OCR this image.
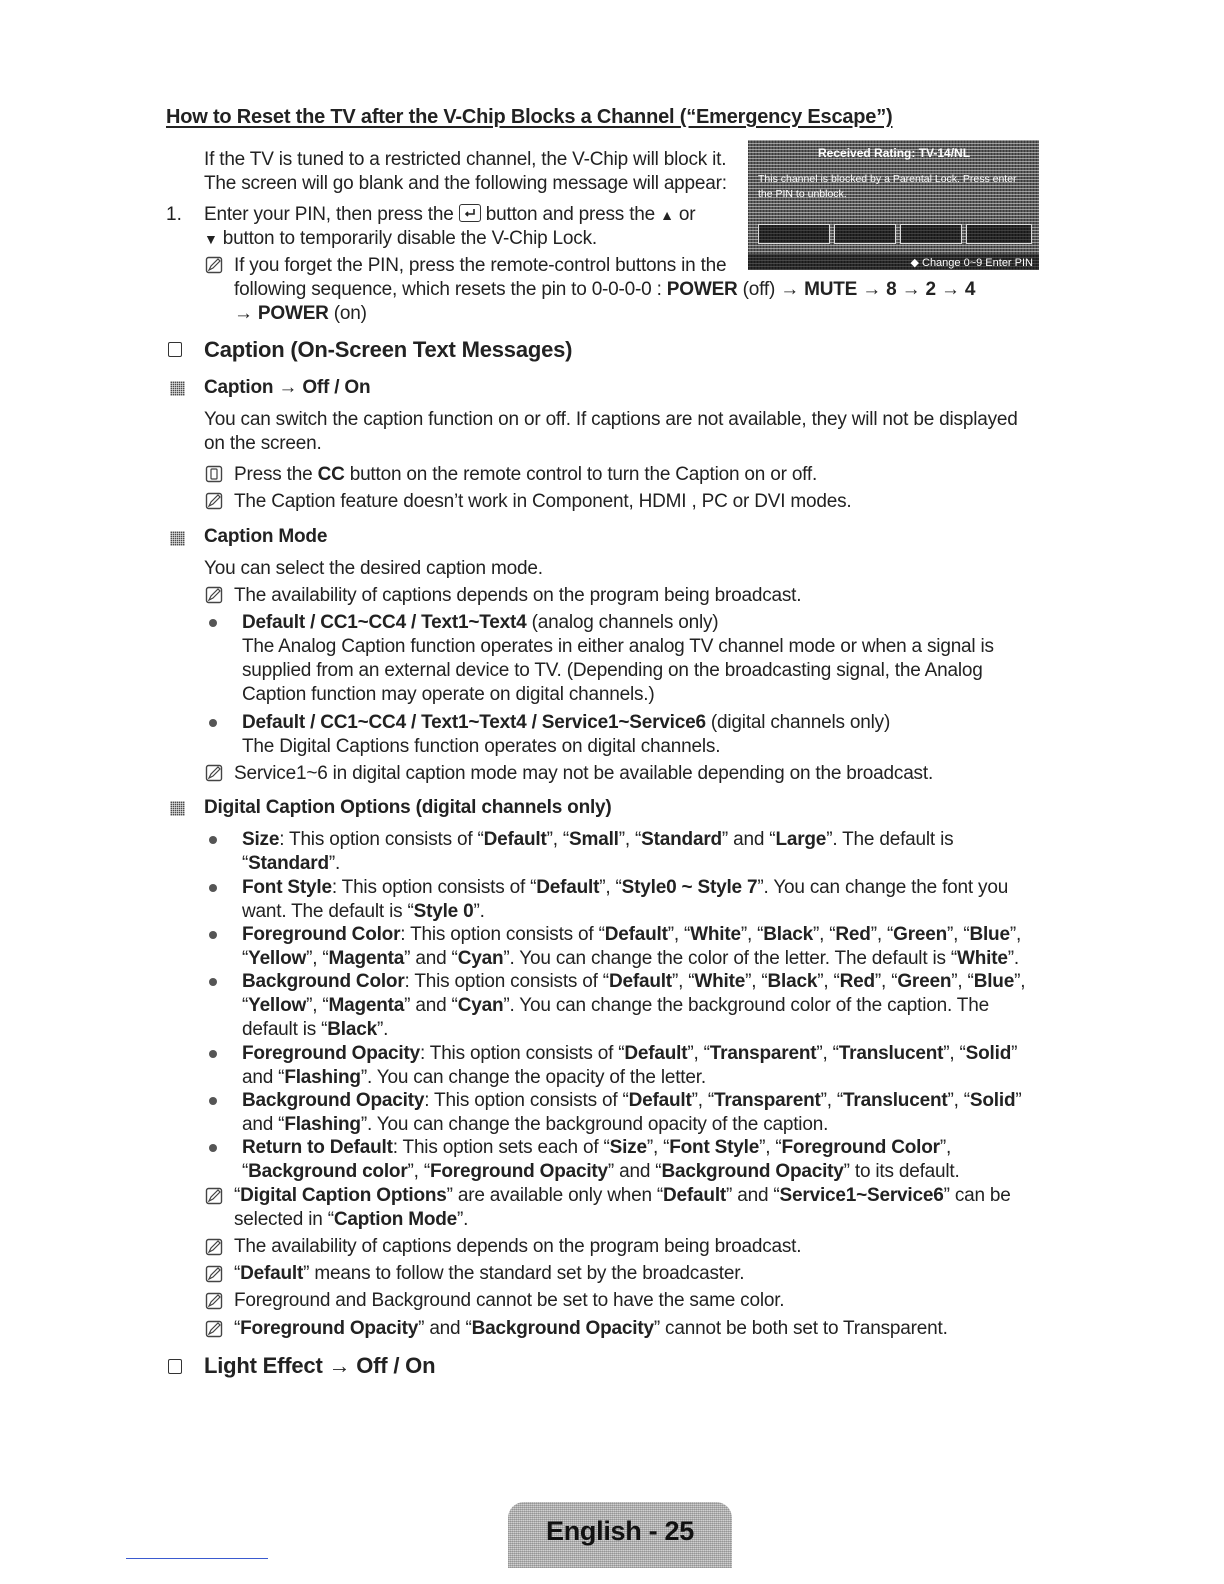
How to Reset the TV after the V-Chip Blocks a Channel (“Emergency Escape”)
If the TV is tuned to a restricted channel, the V-Chip will block it.
The screen will go blank and the following message will appear:
1. Enter your PIN, then press the button and press the ▲ or
▼ button to temporarily disable the V-Chip Lock.
If you forget the PIN, press the remote-control buttons in the
following sequence, which resets the pin to 0-0-0-0 : POWER (off) → MUTE → 8 → 2 → 4
→ POWER (on)
Received Rating: TV-14/NL
This channel is blocked by a Parental Lock. Press enter the PIN to unblock.
◆ Change 0~9 Enter PIN
Caption (On-Screen Text Messages)
Caption → Off / On
You can switch the caption function on or off. If captions are not available, they will not be displayed
on the screen.
Press the CC button on the remote control to turn the Caption on or off.
The Caption feature doesn’t work in Component, HDMI , PC or DVI modes.
Caption Mode
You can select the desired caption mode.
The availability of captions depends on the program being broadcast.
Default / CC1~CC4 / Text1~Text4 (analog channels only)
The Analog Caption function operates in either analog TV channel mode or when a signal is
supplied from an external device to TV. (Depending on the broadcasting signal, the Analog
Caption function may operate on digital channels.)
Default / CC1~CC4 / Text1~Text4 / Service1~Service6 (digital channels only)
The Digital Captions function operates on digital channels.
Service1~6 in digital caption mode may not be available depending on the broadcast.
Digital Caption Options (digital channels only)
Size: This option consists of “Default”, “Small”, “Standard” and “Large”. The default is
“Standard”.
Font Style: This option consists of “Default”, “Style0 ~ Style 7”. You can change the font you
want. The default is “Style 0”.
Foreground Color: This option consists of “Default”, “White”, “Black”, “Red”, “Green”, “Blue”,
“Yellow”, “Magenta” and “Cyan”. You can change the color of the letter. The default is “White”.
Background Color: This option consists of “Default”, “White”, “Black”, “Red”, “Green”, “Blue”,
“Yellow”, “Magenta” and “Cyan”. You can change the background color of the caption. The
default is “Black”.
Foreground Opacity: This option consists of “Default”, “Transparent”, “Translucent”, “Solid”
and “Flashing”. You can change the opacity of the letter.
Background Opacity: This option consists of “Default”, “Transparent”, “Translucent”, “Solid”
and “Flashing”. You can change the background opacity of the caption.
Return to Default: This option sets each of “Size”, “Font Style”, “Foreground Color”,
“Background color”, “Foreground Opacity” and “Background Opacity” to its default.
“Digital Caption Options” are available only when “Default” and “Service1~Service6” can be
selected in “Caption Mode”.
The availability of captions depends on the program being broadcast.
“Default” means to follow the standard set by the broadcaster.
Foreground and Background cannot be set to have the same color.
“Foreground Opacity” and “Background Opacity” cannot be both set to Transparent.
Light Effect → Off / On
English - 25
